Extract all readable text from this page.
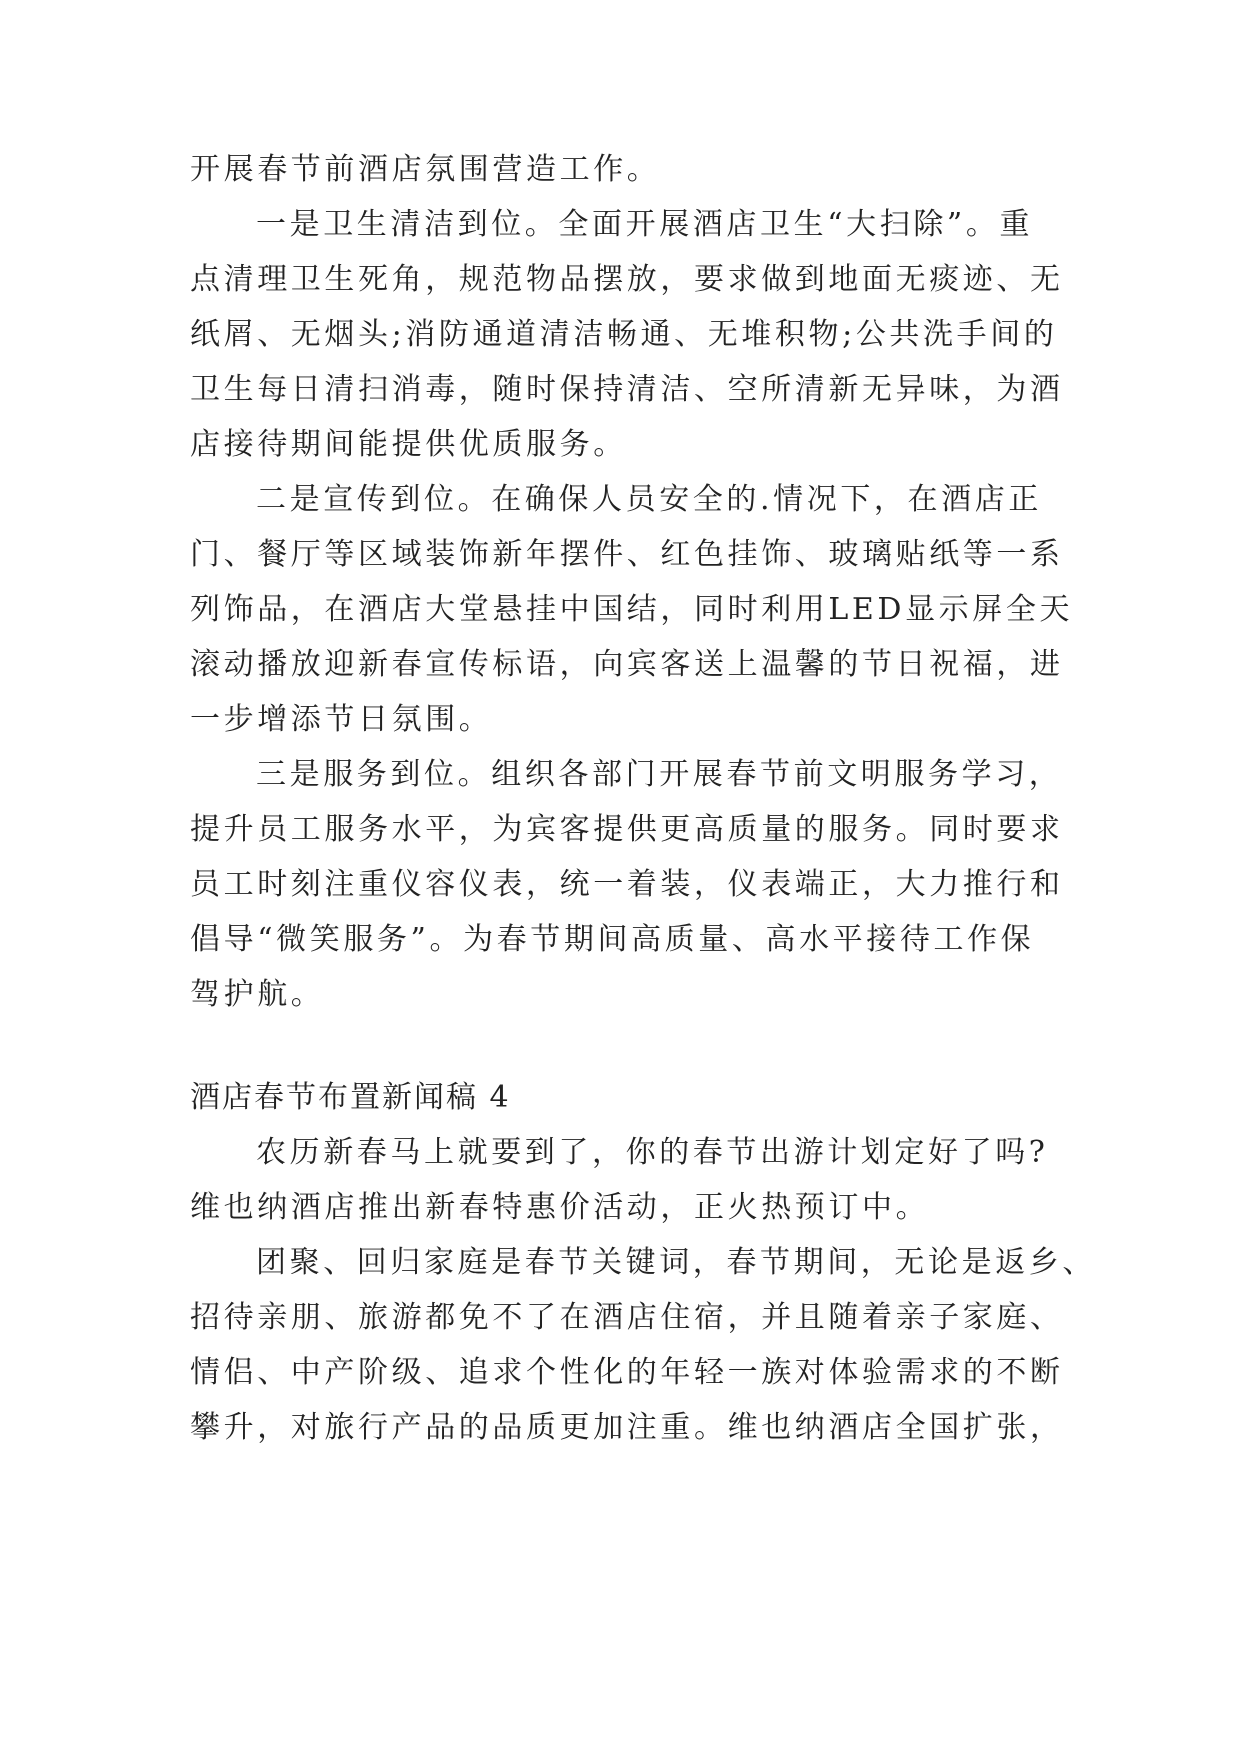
开展春节前酒店氛围营造工作。
一是卫生清洁到位。全面开展酒店卫生“大扫除”。重
点清理卫生死角，规范物品摆放，要求做到地面无痰迹、无
纸屑、无烟头;消防通道清洁畅通、无堆积物;公共洗手间的
卫生每日清扫消毒，随时保持清洁、空所清新无异味，为酒
店接待期间能提供优质服务。
二是宣传到位。在确保人员安全的.情况下，在酒店正
门、餐厅等区域装饰新年摆件、红色挂饰、玻璃贴纸等一系
列饰品，在酒店大堂悬挂中国结，同时利用LED显示屏全天
滚动播放迎新春宣传标语，向宾客送上温馨的节日祝福，进
一步增添节日氛围。
三是服务到位。组织各部门开展春节前文明服务学习，
提升员工服务水平，为宾客提供更高质量的服务。同时要求
员工时刻注重仪容仪表，统一着装，仪表端正，大力推行和
倡导“微笑服务”。为春节期间高质量、高水平接待工作保
驾护航。
酒店春节布置新闻稿 4
农历新春马上就要到了，你的春节出游计划定好了吗?
维也纳酒店推出新春特惠价活动，正火热预订中。
团聚、回归家庭是春节关键词，春节期间，无论是返乡、
招待亲朋、旅游都免不了在酒店住宿，并且随着亲子家庭、
情侣、中产阶级、追求个性化的年轻一族对体验需求的不断
攀升，对旅行产品的品质更加注重。维也纳酒店全国扩张，
